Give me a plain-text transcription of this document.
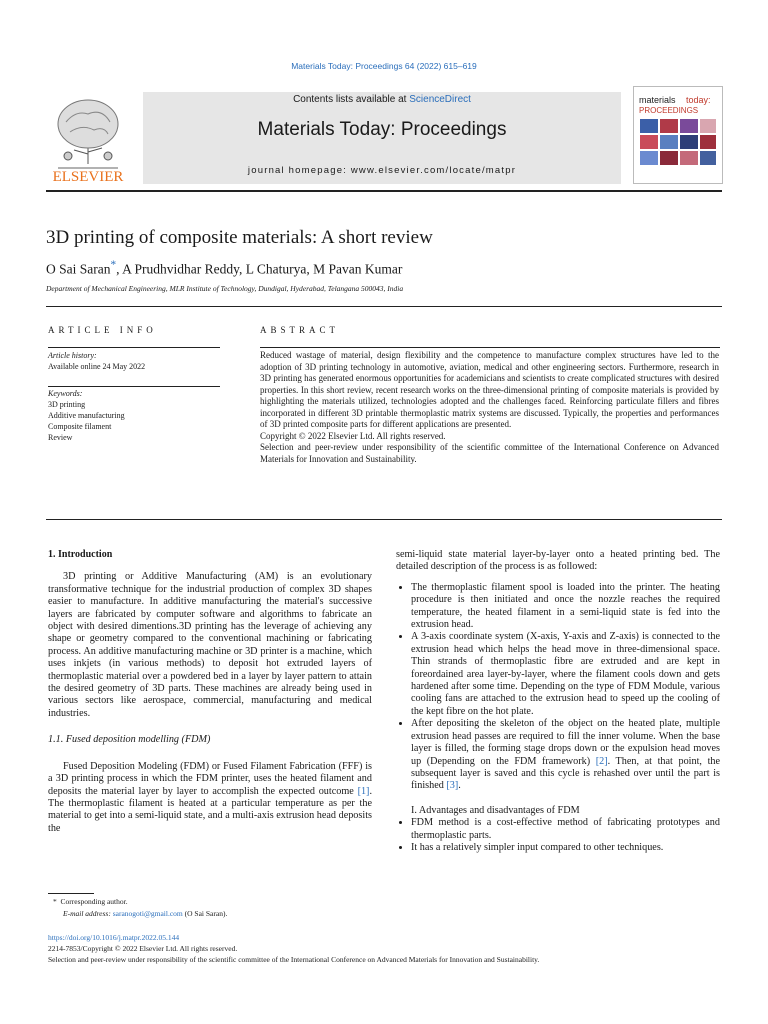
Materials Today: Proceedings 64 (2022) 615–619
ELSEVIER
Contents lists available at ScienceDirect
Materials Today: Proceedings
journal homepage: www.elsevier.com/locate/matpr
materials today:
PROCEEDINGS
3D printing of composite materials: A short review
O Sai Saran*, A Prudhvidhar Reddy, L Chaturya, M Pavan Kumar
Department of Mechanical Engineering, MLR Institute of Technology, Dundigal, Hyderabad, Telangana 500043, India
ARTICLE INFO	ABSTRACT
Article history:
Available online 24 May 2022
Keywords:
3D printing
Additive manufacturing
Composite filament
Review
Reduced wastage of material, design flexibility and the competence to manufacture complex structures have led to the adoption of 3D printing technology in automotive, aviation, medical and other engineering sectors. Furthermore, research in 3D printing has generated enormous opportunities for academicians and scientists to create complicated structures with desired properties. In this short review, recent research works on the three-dimensional printing of composite materials is provided by highlighting the materials utilized, technologies adopted and the challenges faced. Reinforcing particulate fillers and fibres incorporated in different 3D printable thermoplastic matrix systems are discussed. Typically, the properties and performances of 3D printed composite parts for different applications are presented.
Copyright © 2022 Elsevier Ltd. All rights reserved.
Selection and peer-review under responsibility of the scientific committee of the International Conference on Advanced Materials for Innovation and Sustainability.

1. Introduction

3D printing or Additive Manufacturing (AM) is an evolutionary transformative technique for the industrial production of complex 3D shapes easier to manufacture. In additive manufacturing the material's successive layers are fabricated by computer software and algorithms to fabricate an object with desired dimentions.3D printing has the leverage of achieving any shape or geometry compared to the conventional machining or fabricating process. An additive manufacturing machine or 3D printer is a machine, which uses inkjets (in various methods) to deposit hot extruded layers of thermoplastic material over a powdered bed in a layer by layer pattern to attain the desired geometry of 3D parts. These machines are already being used in various sectors like aerospace, commercial, manufacturing and medical industries.

1.1. Fused deposition modelling (FDM)

Fused Deposition Modeling (FDM) or Fused Filament Fabrication (FFF) is a 3D printing process in which the FDM printer, uses the heated filament and deposits the material layer by layer to accomplish the expected outcome [1]. The thermoplastic filament is heated at a particular temperature as per the material to get into a semi-liquid state, and a multi-axis extrusion head deposits the

semi-liquid state material layer-by-layer onto a heated printing bed. The detailed description of the process is as followed:

• The thermoplastic filament spool is loaded into the printer. The heating procedure is then initiated and once the nozzle reaches the required temperature, the heated filament in a semi-liquid state is fed into the extrusion head.
• A 3-axis coordinate system (X-axis, Y-axis and Z-axis) is connected to the extrusion head which helps the head move in three-dimensional space. Thin strands of thermoplastic fibre are extruded and are kept in foreordained area layer-by-layer, where the filament cools down and gets hardened after some time. Depending on the type of FDM Module, various cooling fans are attached to the extrusion head to speed up the cooling of the kept fibre on the hot plate.
• After depositing the skeleton of the object on the heated plate, multiple extrusion head passes are required to fill the inner volume. When the base layer is filled, the forming stage drops down or the expulsion head moves up (Depending on the FDM framework) [2]. Then, at that point, the subsequent layer is saved and this cycle is rehashed over until the part is finished [3].

I. Advantages and disadvantages of FDM

• FDM method is a cost-effective method of fabricating prototypes and thermoplastic parts.
• It has a relatively simpler input compared to other techniques.
* Corresponding author.
E-mail address: saranogoti@gmail.com (O Sai Saran).
https://doi.org/10.1016/j.matpr.2022.05.144
2214-7853/Copyright © 2022 Elsevier Ltd. All rights reserved.
Selection and peer-review under responsibility of the scientific committee of the International Conference on Advanced Materials for Innovation and Sustainability.
